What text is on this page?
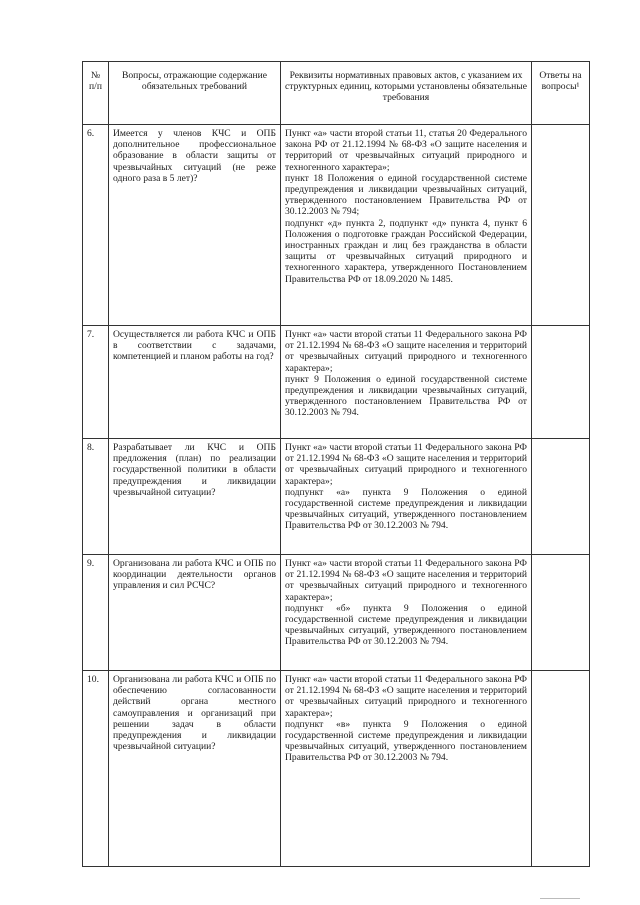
№ п/п	Вопросы, отражающие содержание обязательных требований	Реквизиты нормативных правовых актов, с указанием их структурных единиц, которыми установлены обязательные требования	Ответы на вопросы¹
6.	Имеется у членов КЧС и ОПБ дополнительное профессиональное образование в области защиты от чрезвычайных ситуаций (не реже одного раза в 5 лет)?	Пункт «а» части второй статьи 11, статья 20 Федерального закона РФ от 21.12.1994 № 68-ФЗ «О защите населения и территорий от чрезвычайных ситуаций природного и техногенного характера»;
пункт 18 Положения о единой государственной системе предупреждения и ликвидации чрезвычайных ситуаций, утвержденного постановлением Правительства РФ от 30.12.2003 № 794;
подпункт «д» пункта 2, подпункт «д» пункта 4, пункт 6 Положения о подготовке граждан Российской Федерации, иностранных граждан и лиц без гражданства в области защиты от чрезвычайных ситуаций природного и техногенного характера, утвержденного Постановлением Правительства РФ от 18.09.2020 № 1485.	

7.	Осуществляется ли работа КЧС и ОПБ в соответствии с задачами, компетенцией и планом работы на год?	Пункт «а» части второй статьи 11 Федерального закона РФ от 21.12.1994 № 68-ФЗ «О защите населения и территорий от чрезвычайных ситуаций природного и техногенного характера»;
пункт 9 Положения о единой государственной системе предупреждения и ликвидации чрезвычайных ситуаций, утвержденного постановлением Правительства РФ от 30.12.2003 № 794.	

8.	Разрабатывает ли КЧС и ОПБ предложения (план) по реализации государственной политики в области предупреждения и ликвидации чрезвычайной ситуации?	Пункт «а» части второй статьи 11 Федерального закона РФ от 21.12.1994 № 68-ФЗ «О защите населения и территорий от чрезвычайных ситуаций природного и техногенного характера»;
подпункт «а» пункта 9 Положения о единой государственной системе предупреждения и ликвидации чрезвычайных ситуаций, утвержденного постановлением Правительства РФ от 30.12.2003 № 794.	

9.	Организована ли работа КЧС и ОПБ по координации деятельности органов управления и сил РСЧС?	Пункт «а» части второй статьи 11 Федерального закона РФ от 21.12.1994 № 68-ФЗ «О защите населения и территорий от чрезвычайных ситуаций природного и техногенного характера»;
подпункт «б» пункта 9 Положения о единой государственной системе предупреждения и ликвидации чрезвычайных ситуаций, утвержденного постановлением Правительства РФ от 30.12.2003 № 794.	

10.	Организована ли работа КЧС и ОПБ по обеспечению согласованности действий органа местного самоуправления и организаций при решении задач в области предупреждения и ликвидации чрезвычайной ситуации?	Пункт «а» части второй статьи 11 Федерального закона РФ от 21.12.1994 № 68-ФЗ «О защите населения и территорий от чрезвычайных ситуаций природного и техногенного характера»;
подпункт «в» пункта 9 Положения о единой государственной системе предупреждения и ликвидации чрезвычайных ситуаций, утвержденного постановлением Правительства РФ от 30.12.2003 № 794.	
